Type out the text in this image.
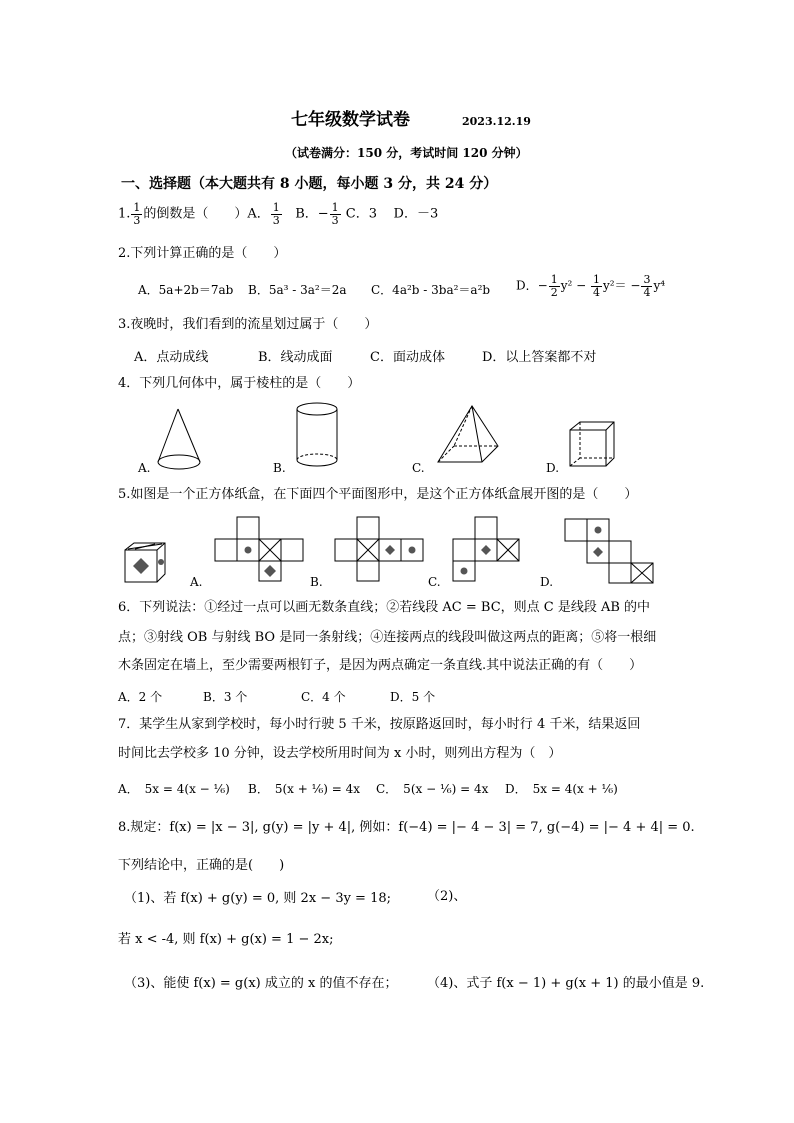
七年级数学试卷	2023.12.19
（试卷满分：150 分，考试时间 120 分钟）
一、选择题（本大题共有 8 小题，每小题 3 分，共 24 分）
1. $\frac{1}{3}$ 的倒数是（　　）A． $\frac{1}{3}$ B．− $\frac{1}{3}$ C．3 D．－3
2.下列计算正确的是（　　）
A．5a+2b＝7ab B．5a³ - 3a²＝2a C．4a²b - 3ba²＝a²b D．− $\frac{1}{2} y^2 - \frac{1}{4} y^2= - \frac{3}{4} y^4$
3.夜晚时，我们看到的流星划过属于（　　）
A．点动成线	B．线动成面	C．面动成体	D．以上答案都不对
4．下列几何体中，属于棱柱的是（　　）
A.	B.	C.	D.
5.如图是一个正方体纸盒，在下面四个平面图形中，是这个正方体纸盒展开图的是（　　）
A.	B.	C.	D.
6．下列说法：①经过一点可以画无数条直线；②若线段 AC = BC，则点 C 是线段 AB 的中
点；③射线 OB 与射线 BO 是同一条射线；④连接两点的线段叫做这两点的距离；⑤将一根细
木条固定在墙上，至少需要两根钉子，是因为两点确定一条直线.其中说法正确的有（　　）
A．2 个	B．3 个	C．4 个	D．5 个
7．某学生从家到学校时，每小时行驶 5 千米，按原路返回时，每小时行 4 千米，结果返回
时间比去学校多 10 分钟，设去学校所用时间为 x 小时，则列出方程为（　）
A．　5x = 4(x − ⅙) B．　5(x + ⅙) = 4x C．　5(x − ⅙) = 4x D．　5x = 4(x + ⅙)
8.规定：f(x) = |x − 3|, g(y) = |y + 4|, 例如：f(−4) = |− 4 − 3| = 7, g(−4) = |− 4 + 4| = 0.
下列结论中，正确的是(　　)
（1)、若 f(x) + g(y) = 0, 则 2x − 3y = 18;	（2)、
若 x < -4, 则 f(x) + g(x) = 1 − 2x;
（3)、能使 f(x) = g(x) 成立的 x 的值不存在； （4)、式子 f(x − 1) + g(x + 1) 的最小值是 9.
